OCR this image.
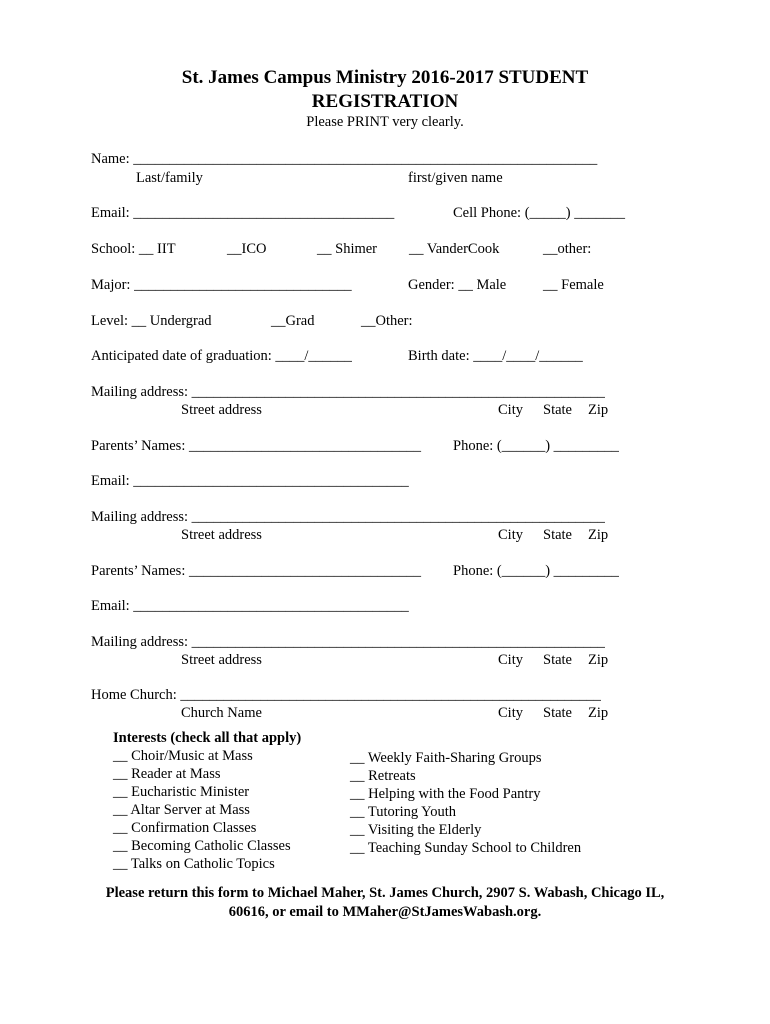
St. James Campus Ministry 2016-2017 STUDENT
REGISTRATION
Please PRINT very clearly.
Name: ________________________________________________________________
Last/family	first/given name
Email: ____________________________________	Cell Phone: (_____) _______
School: __ IIT	__ICO	__ Shimer __ VanderCook	__other:
Major: ______________________________	Gender: __ Male	__ Female
Level: __ Undergrad	__Grad	__Other:
Anticipated date of graduation: ____/______	Birth date: ____/____/______
Mailing address: _________________________________________________________
Street address	City State Zip
Parents’ Names: ________________________________ Phone: (______) _________
Email: ______________________________________
Mailing address: _________________________________________________________
Street address	City State Zip
Parents’ Names: ________________________________ Phone: (______) _________
Email: ______________________________________
Mailing address: _________________________________________________________
Street address	City State Zip
Home Church: __________________________________________________________
Church Name	City State Zip
Interests (check all that apply)
__ Choir/Music at Mass
__ Reader at Mass
__ Eucharistic Minister
__ Altar Server at Mass
__ Confirmation Classes
__ Becoming Catholic Classes
__ Talks on Catholic Topics
__ Weekly Faith-Sharing Groups
__ Retreats
__ Helping with the Food Pantry
__ Tutoring Youth
__ Visiting the Elderly
__ Teaching Sunday School to Children
Please return this form to Michael Maher, St. James Church, 2907 S. Wabash, Chicago IL,
60616, or email to MMaher@StJamesWabash.org.
